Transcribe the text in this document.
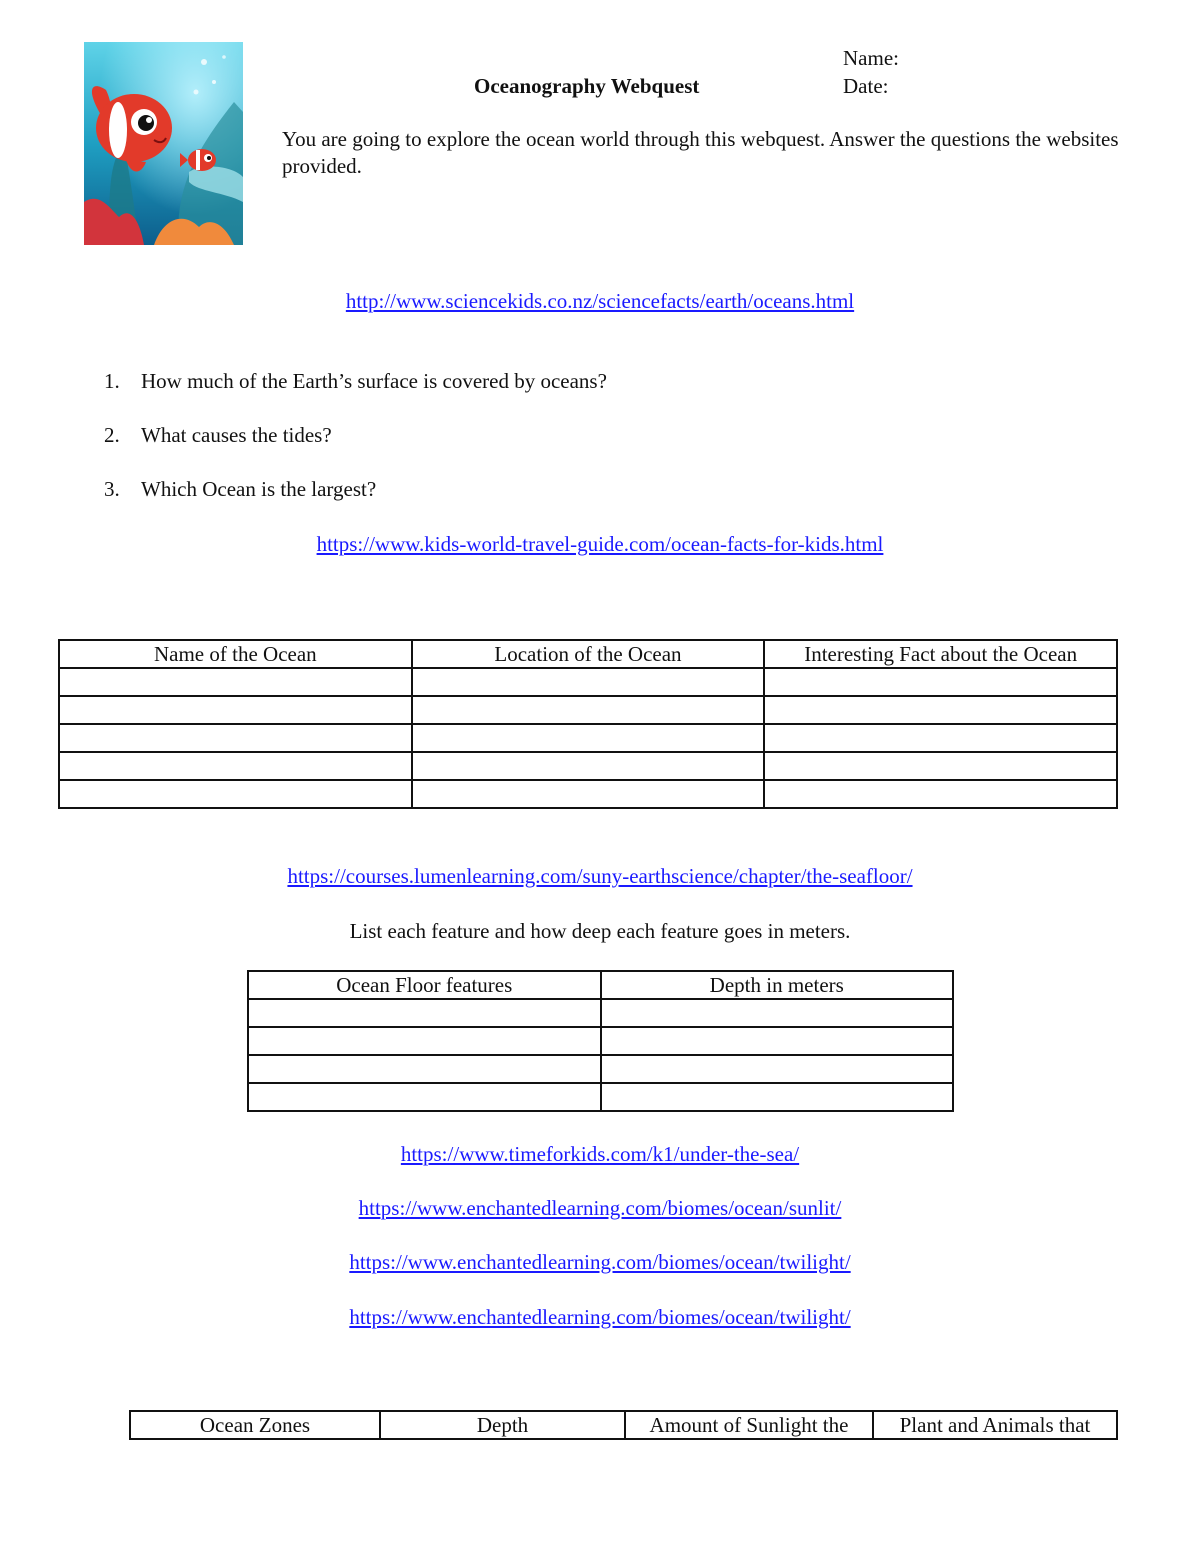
Oceanography Webquest
Name:
Date:
You are going to explore the ocean world through this webquest. Answer the questions the websites provided.
http://www.sciencekids.co.nz/sciencefacts/earth/oceans.html
1.	How much of the Earth’s surface is covered by oceans?
2.	What causes the tides?
3.	Which Ocean is the largest?
https://www.kids-world-travel-guide.com/ocean-facts-for-kids.html
Name of the Ocean	Location of the Ocean	Interesting Fact about the Ocean

https://courses.lumenlearning.com/suny-earthscience/chapter/the-seafloor/
List each feature and how deep each feature goes in meters.
Ocean Floor features	Depth in meters

https://www.timeforkids.com/k1/under-the-sea/
https://www.enchantedlearning.com/biomes/ocean/sunlit/
https://www.enchantedlearning.com/biomes/ocean/twilight/
https://www.enchantedlearning.com/biomes/ocean/twilight/
Ocean Zones	Depth	Amount of Sunlight the	Plant and Animals that
